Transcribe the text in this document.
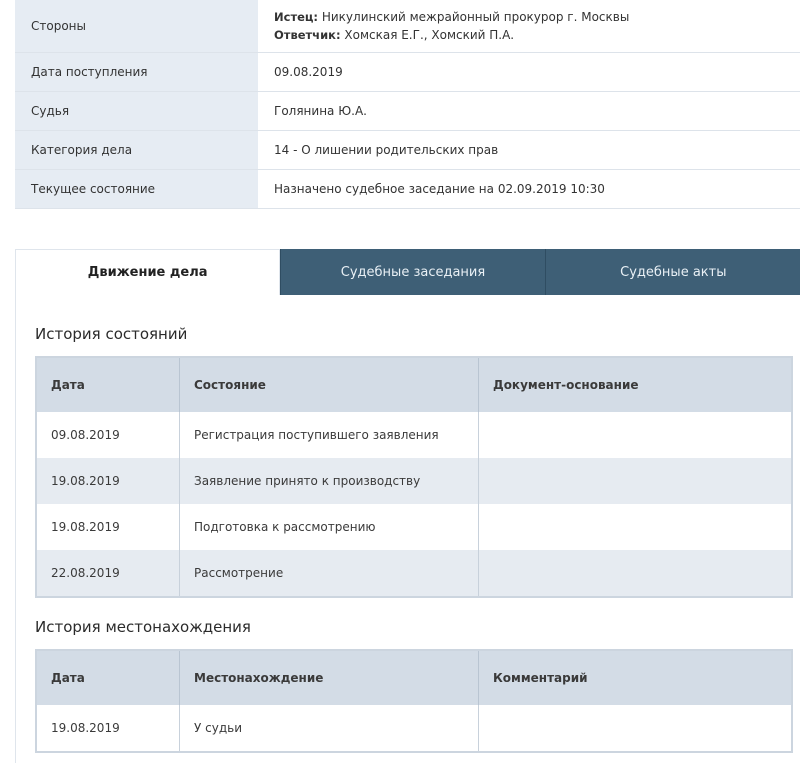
Стороны	Истец: Никулинский межрайонный прокурор г. Москвы
Ответчик: Хомская Е.Г., Хомский П.А.

Дата поступления	09.08.2019
Судья	Голянина Ю.А.
Категория дела	14 - О лишении родительских прав
Текущее состояние	Назначено судебное заседание на 02.09.2019 10:30
Движение дела	Судебные заседания	Судебные акты
История состояний
Дата	Состояние	Документ-основание
09.08.2019	Регистрация поступившего заявления	
19.08.2019	Заявление принято к производству	
19.08.2019	Подготовка к рассмотрению	
22.08.2019	Рассмотрение	
История местонахождения
Дата	Местонахождение	Комментарий
19.08.2019	У судьи	
